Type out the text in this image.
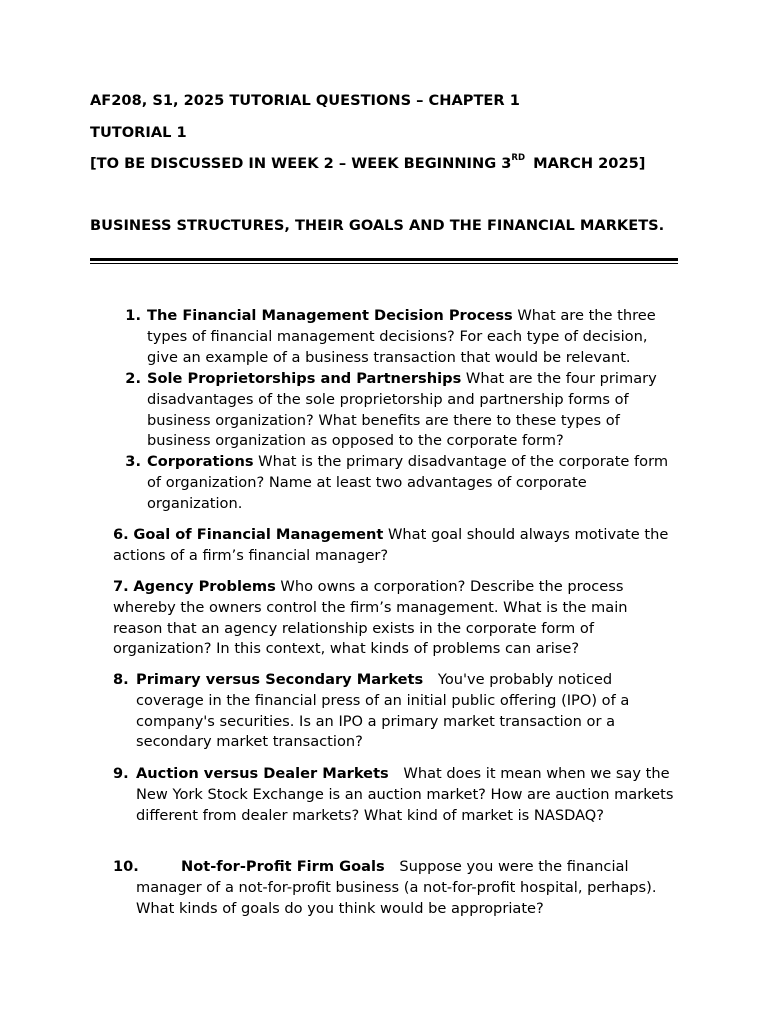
AF208, S1, 2025 TUTORIAL QUESTIONS – CHAPTER 1

TUTORIAL 1

[TO BE DISCUSSED IN WEEK 2 – WEEK BEGINNING 3RD MARCH 2025]

BUSINESS STRUCTURES, THEIR GOALS AND THE FINANCIAL MARKETS.

1. The Financial Management Decision Process What are the three types of financial management decisions? For each type of decision, give an example of a business transaction that would be relevant.

2. Sole Proprietorships and Partnerships What are the four primary disadvantages of the sole proprietorship and partnership forms of business organization? What benefits are there to these types of business organization as opposed to the corporate form?

3. Corporations What is the primary disadvantage of the corporate form of organization? Name at least two advantages of corporate organization.

6. Goal of Financial Management What goal should always motivate the actions of a firm’s financial manager?

7. Agency Problems Who owns a corporation? Describe the process whereby the owners control the firm’s management. What is the main reason that an agency relationship exists in the corporate form of organization? In this context, what kinds of problems can arise?

8. Primary versus Secondary Markets You've probably noticed coverage in the financial press of an initial public offering (IPO) of a company's securities. Is an IPO a primary market transaction or a secondary market transaction?

9. Auction versus Dealer Markets What does it mean when we say the New York Stock Exchange is an auction market? How are auction markets different from dealer markets? What kind of market is NASDAQ?

10.	Not-for-Profit Firm Goals Suppose you were the financial manager of a not-for-profit business (a not-for-profit hospital, perhaps). What kinds of goals do you think would be appropriate?
